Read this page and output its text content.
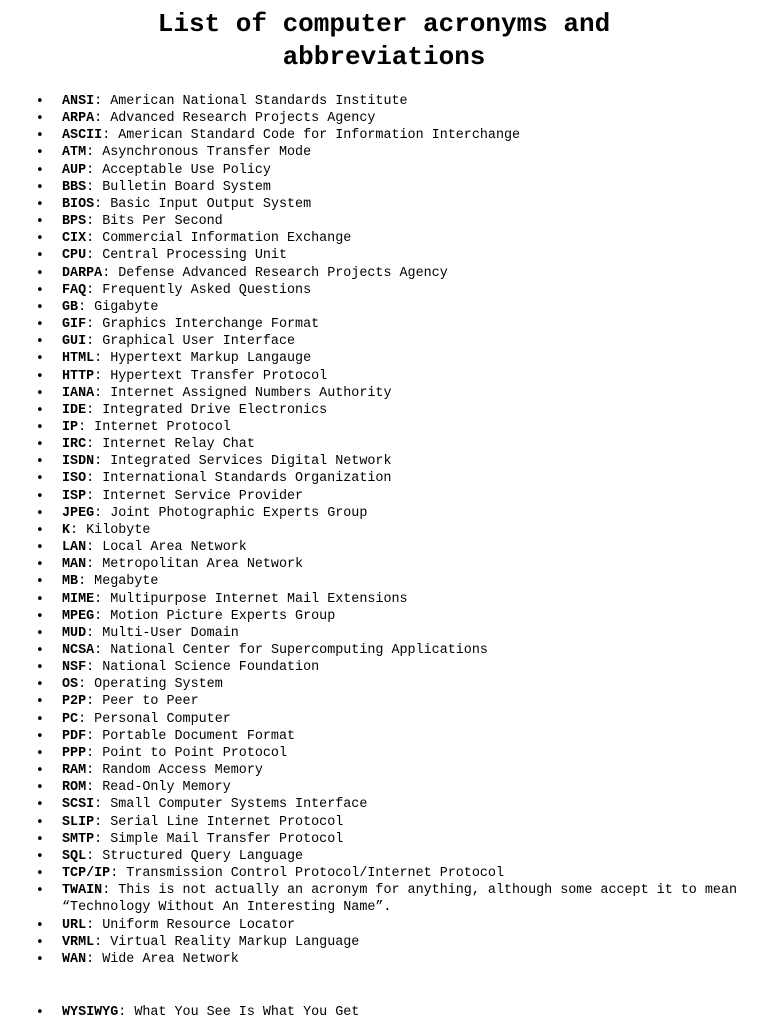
List of computer acronyms and
abbreviations
• ANSI: American National Standards Institute
• ARPA: Advanced Research Projects Agency
• ASCII: American Standard Code for Information Interchange
• ATM: Asynchronous Transfer Mode
• AUP: Acceptable Use Policy
• BBS: Bulletin Board System
• BIOS: Basic Input Output System
• BPS: Bits Per Second
• CIX: Commercial Information Exchange
• CPU: Central Processing Unit
• DARPA: Defense Advanced Research Projects Agency
• FAQ: Frequently Asked Questions
• GB: Gigabyte
• GIF: Graphics Interchange Format
• GUI: Graphical User Interface
• HTML: Hypertext Markup Langauge
• HTTP: Hypertext Transfer Protocol
• IANA: Internet Assigned Numbers Authority
• IDE: Integrated Drive Electronics
• IP: Internet Protocol
• IRC: Internet Relay Chat
• ISDN: Integrated Services Digital Network
• ISO: International Standards Organization
• ISP: Internet Service Provider
• JPEG: Joint Photographic Experts Group
• K: Kilobyte
• LAN: Local Area Network
• MAN: Metropolitan Area Network
• MB: Megabyte
• MIME: Multipurpose Internet Mail Extensions
• MPEG: Motion Picture Experts Group
• MUD: Multi-User Domain
• NCSA: National Center for Supercomputing Applications
• NSF: National Science Foundation
• OS: Operating System
• P2P: Peer to Peer
• PC: Personal Computer
• PDF: Portable Document Format
• PPP: Point to Point Protocol
• RAM: Random Access Memory
• ROM: Read-Only Memory
• SCSI: Small Computer Systems Interface
• SLIP: Serial Line Internet Protocol
• SMTP: Simple Mail Transfer Protocol
• SQL: Structured Query Language
• TCP/IP: Transmission Control Protocol/Internet Protocol
• TWAIN: This is not actually an acronym for anything, although some accept it to mean “Technology Without An Interesting Name”.
• URL: Uniform Resource Locator
• VRML: Virtual Reality Markup Language
• WAN: Wide Area Network
• WYSIWYG: What You See Is What You Get
